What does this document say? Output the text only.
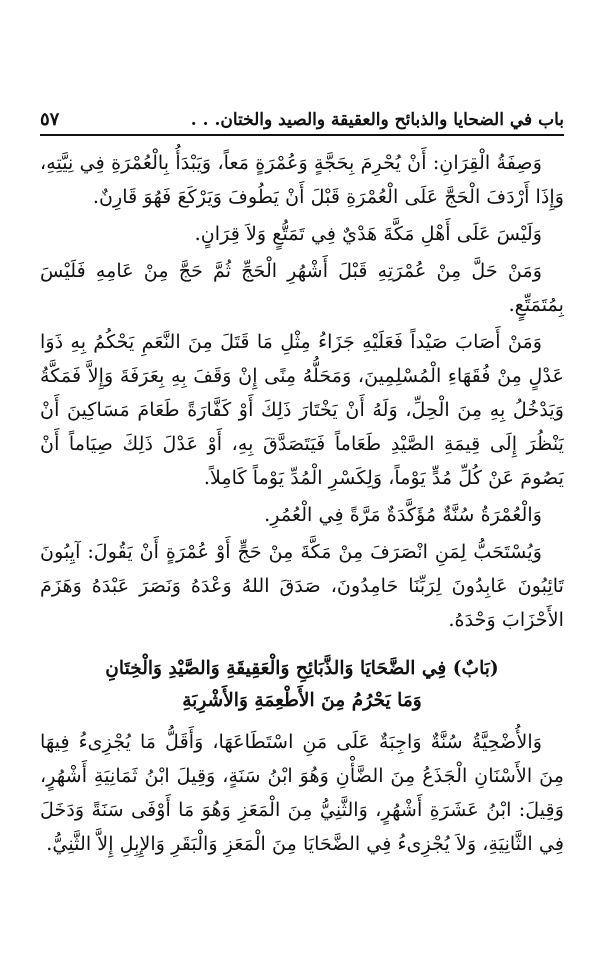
باب في الضحايا والذبائح والعقيقة والصيد والختان. . .
٥٧

وَصِفَةُ الْقِرَانِ: أَنْ يُحْرِمَ بِحَجَّةٍ وَعُمْرَةٍ مَعاً، وَيَبْدَأُ بِالْعُمْرَةِ فِي نِيَّتِهِ، وَإِذَا أَرْدَفَ الْحَجَّ عَلَى الْعُمْرَةِ قَبْلَ أَنْ يَطُوفَ وَيَرْكَعَ فَهُوَ قَارِنٌ.

وَلَيْسَ عَلَى أَهْلِ مَكَّةَ هَدْيٌ فِي تَمَتُّعٍ وَلاَ قِرَانٍ.

وَمَنْ حَلَّ مِنْ عُمْرَتِهِ قَبْلَ أَشْهُرِ الْحَجِّ ثُمَّ حَجَّ مِنْ عَامِهِ فَلَيْسَ بِمُتَمَتِّعٍ.

وَمَنْ أَصَابَ صَيْداً فَعَلَيْهِ جَزَاءُ مِثْلِ مَا قَتَلَ مِنَ النَّعَمِ يَحْكُمُ بِهِ ذَوَا عَدْلٍ مِنْ فُقَهَاءِ الْمُسْلِمِينَ، وَمَحَلُّهُ مِنًى إِنْ وَقَفَ بِهِ بِعَرَفَةَ وَإِلاَّ فَمَكَّةُ وَيَدْخُلُ بِهِ مِنَ الْحِلِّ، وَلَهُ أَنْ يَخْتَارَ ذَلِكَ أَوْ كَفَّارَةً طَعَامَ مَسَاكِينَ أَنْ يَنْظُرَ إِلَى قِيمَةِ الصَّيْدِ طَعَاماً فَيَتَصَدَّقَ بِهِ، أَوْ عَدْلَ ذَلِكَ صِيَاماً أَنْ يَصُومَ عَنْ كُلِّ مُدٍّ يَوْماً، وَلِكَسْرِ الْمُدِّ يَوْماً كَامِلاً.

وَالْعُمْرَةُ سُنَّةٌ مُؤَكَّدَةٌ مَرَّةً فِي الْعُمُرِ.

وَيُسْتَحَبُّ لِمَنِ انْصَرَفَ مِنْ مَكَّةَ مِنْ حَجٍّ أَوْ عُمْرَةٍ أَنْ يَقُولَ: آيِبُونَ تَائِبُونَ عَابِدُونَ لِرَبِّنَا حَامِدُونَ، صَدَقَ اللهُ وَعْدَهُ وَنَصَرَ عَبْدَهُ وَهَزَمَ الأَحْزَابَ وَحْدَهُ.

(بَابٌ) فِي الضَّحَايَا وَالذَّبَائِحِ وَالْعَقِيقَةِ وَالصَّيْدِ وَالْخِتَانِ
وَمَا يَحْرُمُ مِنَ الأَطْعِمَةِ وَالأَشْرِبَةِ

وَالأُضْحِيَّةُ سُنَّةٌ وَاجِبَةٌ عَلَى مَنِ اسْتَطَاعَهَا، وَأَقَلُّ مَا يُجْزِىءُ فِيهَا مِنَ الأَسْنَانِ الْجَذَعُ مِنَ الضَّأْنِ وَهُوَ ابْنُ سَنَةٍ، وَقِيلَ ابْنُ ثَمَانِيَةِ أَشْهُرٍ، وَقِيلَ: ابْنُ عَشَرَةِ أَشْهُرٍ، وَالثَّنِيُّ مِنَ الْمَعَزِ وَهُوَ مَا أَوْفَى سَنَةً وَدَخَلَ فِي الثَّانِيَةِ، وَلاَ يُجْزِىءُ فِي الضَّحَايَا مِنَ الْمَعَزِ وَالْبَقَرِ وَالإِبِلِ إِلاَّ الثَّنِيُّ.
